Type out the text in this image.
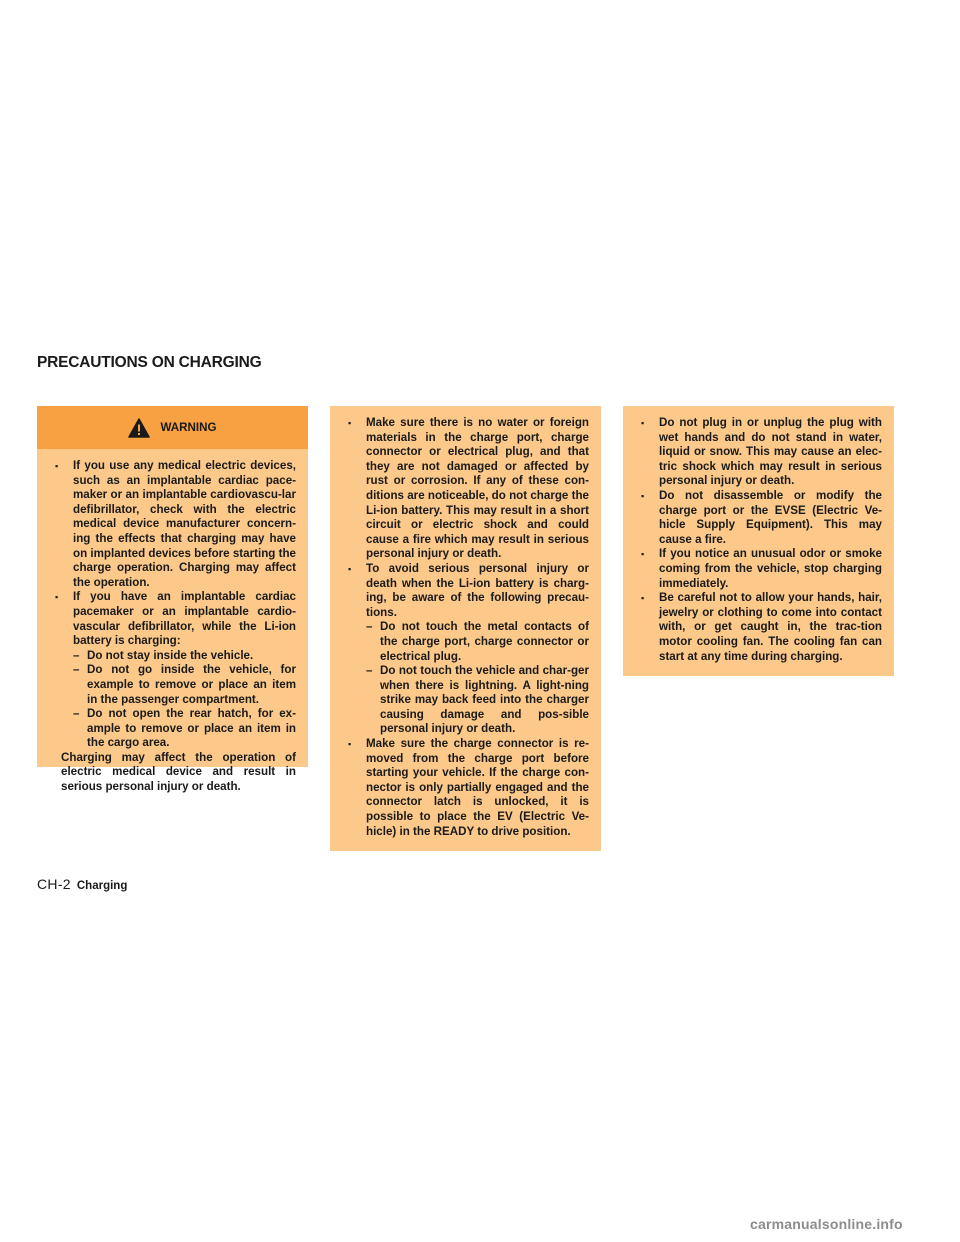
PRECAUTIONS ON CHARGING
WARNING
▪ If you use any medical electric devices, such as an implantable cardiac pace-maker or an implantable cardiovascu-lar defibrillator, check with the electric medical device manufacturer concern-ing the effects that charging may have on implanted devices before starting the charge operation. Charging may affect the operation.
▪ If you have an implantable cardiac pacemaker or an implantable cardio-vascular defibrillator, while the Li-ion battery is charging:
– Do not stay inside the vehicle.
– Do not go inside the vehicle, for example to remove or place an item in the passenger compartment.
– Do not open the rear hatch, for ex-ample to remove or place an item in the cargo area.
Charging may affect the operation of electric medical device and result in serious personal injury or death.
▪ Make sure there is no water or foreign materials in the charge port, charge connector or electrical plug, and that they are not damaged or affected by rust or corrosion. If any of these con-ditions are noticeable, do not charge the Li-ion battery. This may result in a short circuit or electric shock and could cause a fire which may result in serious personal injury or death.
▪ To avoid serious personal injury or death when the Li-ion battery is charg-ing, be aware of the following precau-tions.
– Do not touch the metal contacts of the charge port, charge connector or electrical plug.
– Do not touch the vehicle and char-ger when there is lightning. A light-ning strike may back feed into the charger causing damage and pos-sible personal injury or death.
▪ Make sure the charge connector is re-moved from the charge port before starting your vehicle. If the charge con-nector is only partially engaged and the connector latch is unlocked, it is possible to place the EV (Electric Ve-hicle) in the READY to drive position.
▪ Do not plug in or unplug the plug with wet hands and do not stand in water, liquid or snow. This may cause an elec-tric shock which may result in serious personal injury or death.
▪ Do not disassemble or modify the charge port or the EVSE (Electric Ve-hicle Supply Equipment). This may cause a fire.
▪ If you notice an unusual odor or smoke coming from the vehicle, stop charging immediately.
▪ Be careful not to allow your hands, hair, jewelry or clothing to come into contact with, or get caught in, the trac-tion motor cooling fan. The cooling fan can start at any time during charging.
CH-2 Charging
carmanualsonline.info
